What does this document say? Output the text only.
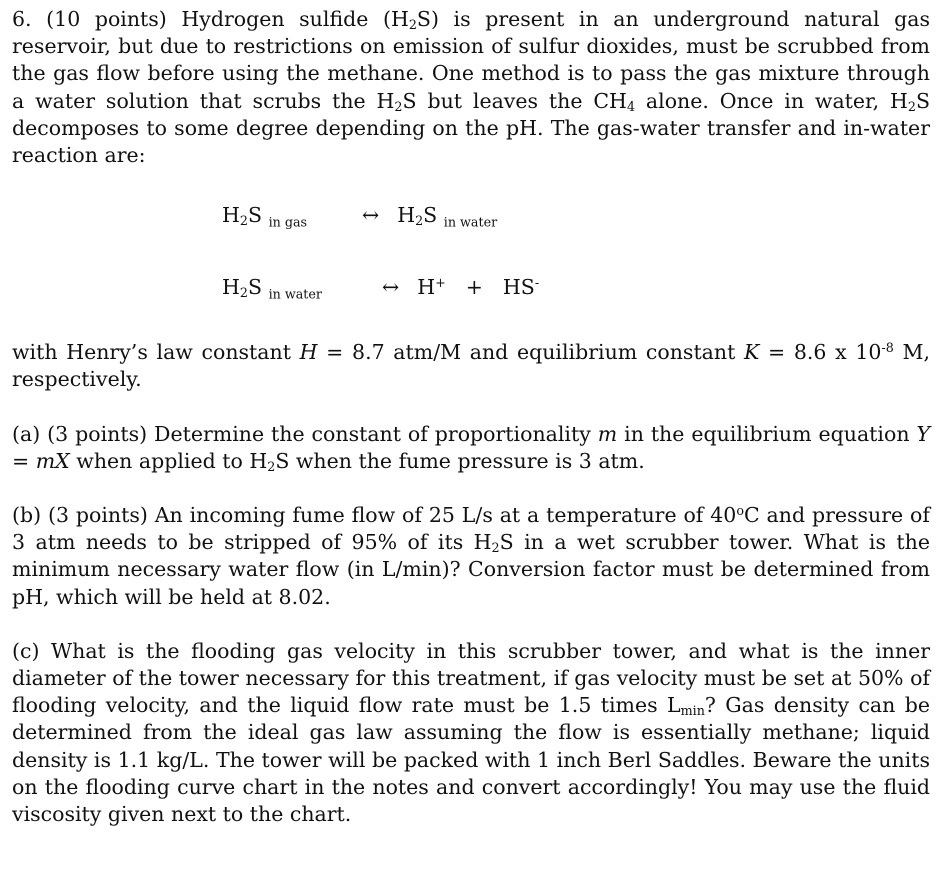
6. (10 points) Hydrogen sulfide $(H_2S)$ is present in an underground natural gas reservoir, but due to restrictions on emission of sulfur dioxides, must be scrubbed from the gas flow before using the methane. One method is to pass the gas mixture through a water solution that scrubs the $H_2S$ but leaves the $CH_4$ alone. Once in water, $H_2S$ decomposes to some degree depending on the pH. The gas-water transfer and in-water reaction are:

$H_2S$ $_{in gas}$	↔ $H_2S$ $_{in water}$
$H_2S$ $_{in water}$	↔ H+ + HS-

with Henry’s law constant H = 8.7 atm/M and equilibrium constant K = 8.6 x $10^{-8}$ M, respectively.

(a) (3 points) Determine the constant of proportionality m in the equilibrium equation Y = mX when applied to $H_2S$ when the fume pressure is 3 atm.

(b) (3 points) An incoming fume flow of 25 L/s at a temperature of 40$^o$C and pressure of 3 atm needs to be stripped of 95% of its $H_2S$ in a wet scrubber tower. What is the minimum necessary water flow (in L/min)? Conversion factor must be determined from pH, which will be held at 8.02.

(c) What is the flooding gas velocity in this scrubber tower, and what is the inner diameter of the tower necessary for this treatment, if gas velocity must be set at 50% of flooding velocity, and the liquid flow rate must be 1.5 times $L_{min}$? Gas density can be determined from the ideal gas law assuming the flow is essentially methane; liquid density is 1.1 kg/L. The tower will be packed with 1 inch Berl Saddles. Beware the units on the flooding curve chart in the notes and convert accordingly! You may use the fluid viscosity given next to the chart.
